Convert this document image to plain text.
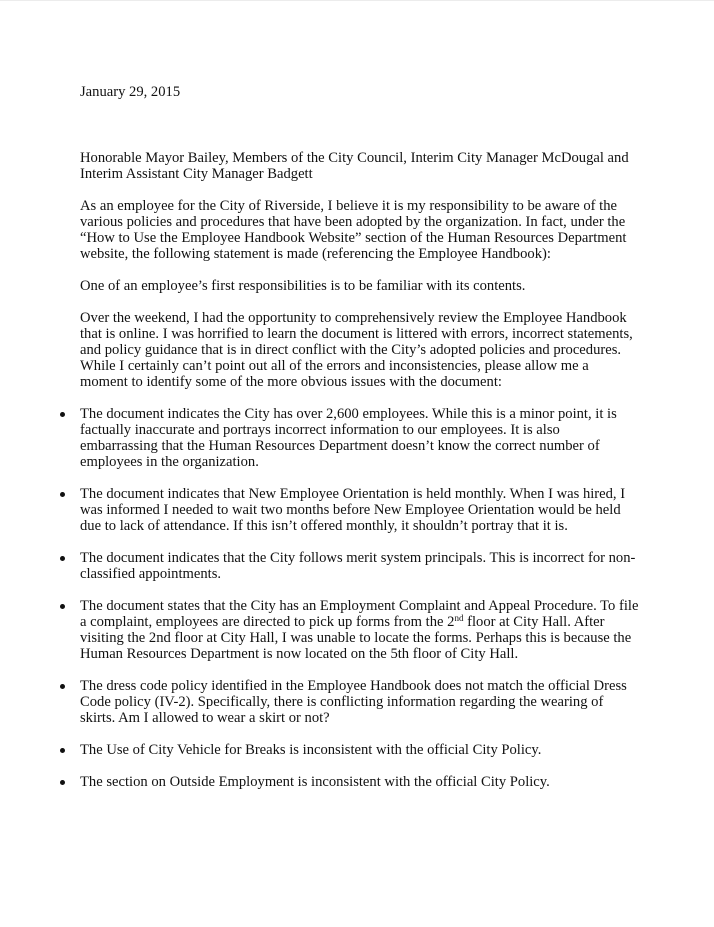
January 29, 2015

Honorable Mayor Bailey, Members of the City Council, Interim City Manager McDougal and Interim Assistant City Manager Badgett

As an employee for the City of Riverside, I believe it is my responsibility to be aware of the various policies and procedures that have been adopted by the organization. In fact, under the “How to Use the Employee Handbook Website” section of the Human Resources Department website, the following statement is made (referencing the Employee Handbook):

One of an employee’s first responsibilities is to be familiar with its contents.

Over the weekend, I had the opportunity to comprehensively review the Employee Handbook that is online. I was horrified to learn the document is littered with errors, incorrect statements, and policy guidance that is in direct conflict with the City’s adopted policies and procedures. While I certainly can’t point out all of the errors and inconsistencies, please allow me a moment to identify some of the more obvious issues with the document:

The document indicates the City has over 2,600 employees. While this is a minor point, it is factually inaccurate and portrays incorrect information to our employees. It is also embarrassing that the Human Resources Department doesn’t know the correct number of employees in the organization.
The document indicates that New Employee Orientation is held monthly. When I was hired, I was informed I needed to wait two months before New Employee Orientation would be held due to lack of attendance. If this isn’t offered monthly, it shouldn’t portray that it is.
The document indicates that the City follows merit system principals. This is incorrect for non-classified appointments.
The document states that the City has an Employment Complaint and Appeal Procedure. To file a complaint, employees are directed to pick up forms from the 2nd floor at City Hall. After visiting the 2nd floor at City Hall, I was unable to locate the forms. Perhaps this is because the Human Resources Department is now located on the 5th floor of City Hall.
The dress code policy identified in the Employee Handbook does not match the official Dress Code policy (IV-2). Specifically, there is conflicting information regarding the wearing of skirts. Am I allowed to wear a skirt or not?
The Use of City Vehicle for Breaks is inconsistent with the official City Policy.
The section on Outside Employment is inconsistent with the official City Policy.
